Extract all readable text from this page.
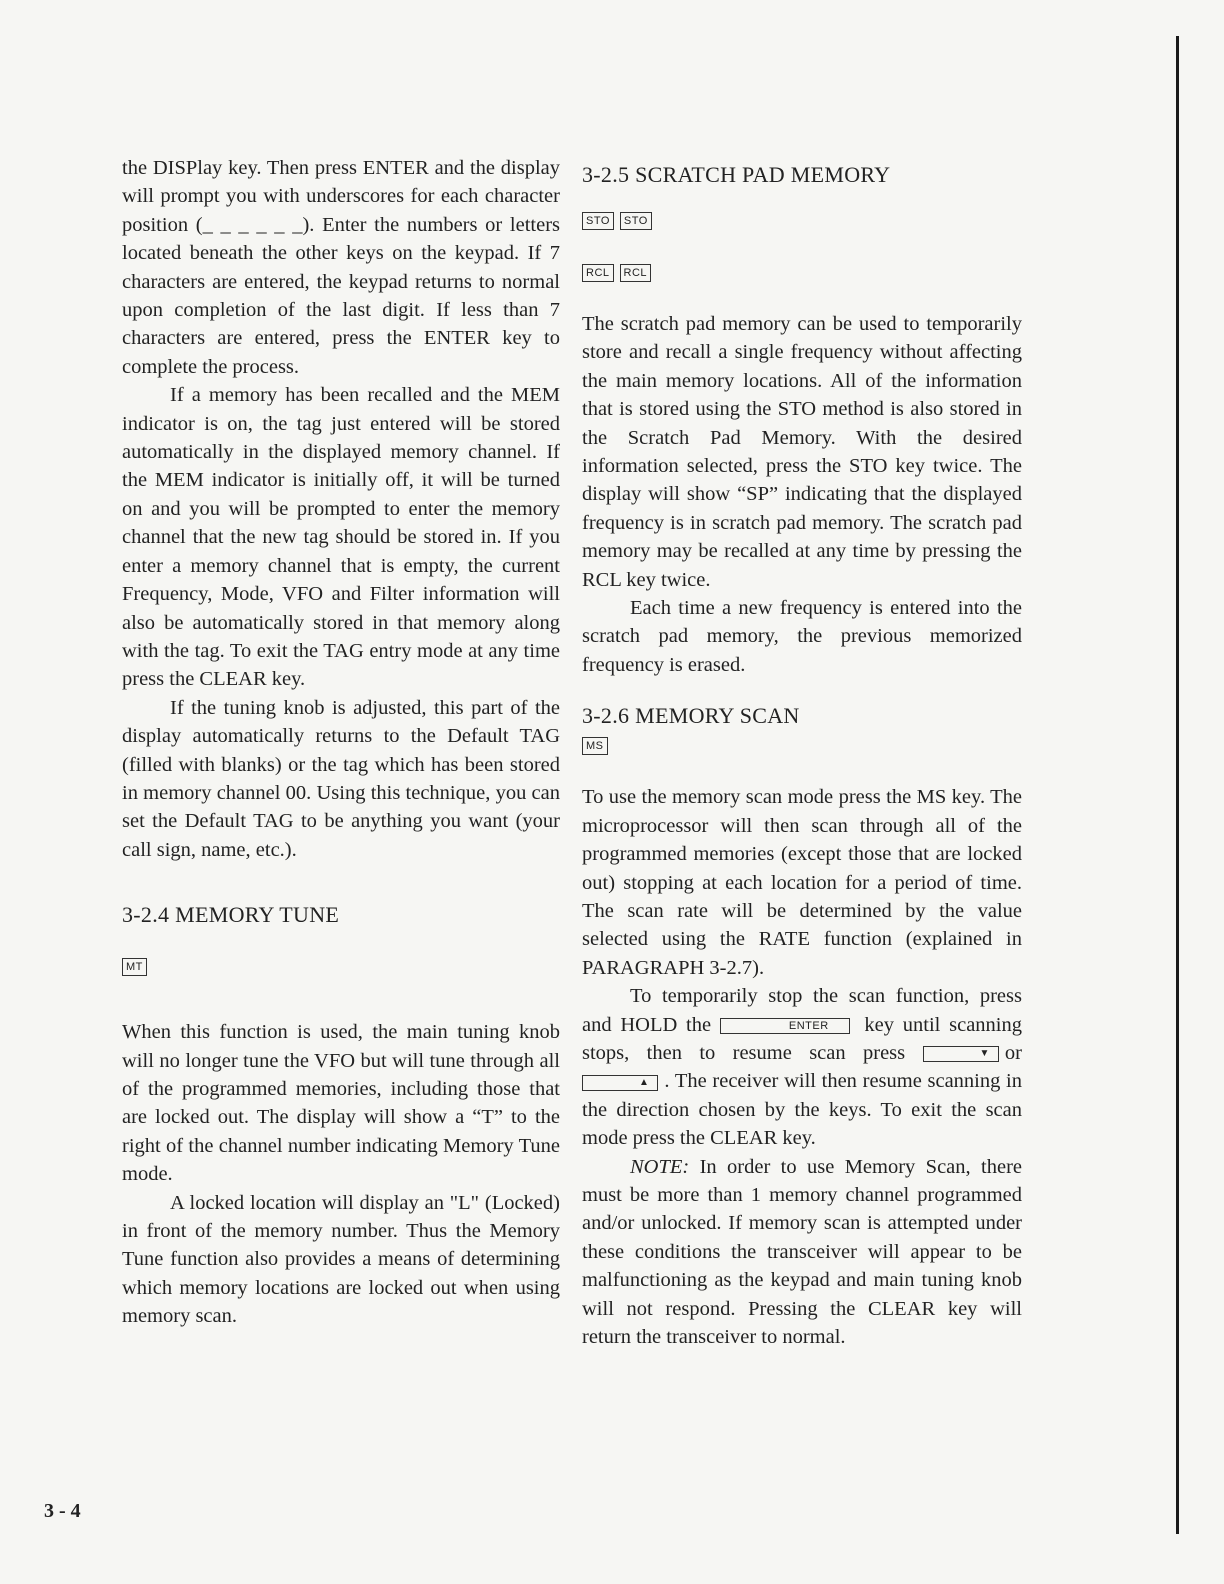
the DISPlay key. Then press ENTER and the display will prompt you with underscores for each character position (_ _ _ _ _ _). Enter the numbers or letters located beneath the other keys on the keypad. If 7 characters are entered, the keypad returns to normal upon completion of the last digit. If less than 7 characters are entered, press the ENTER key to complete the process.

If a memory has been recalled and the MEM indicator is on, the tag just entered will be stored automatically in the displayed memory channel. If the MEM indicator is initially off, it will be turned on and you will be prompted to enter the memory channel that the new tag should be stored in. If you enter a memory channel that is empty, the current Frequency, Mode, VFO and Filter information will also be automatically stored in that memory along with the tag. To exit the TAG entry mode at any time press the CLEAR key.

If the tuning knob is adjusted, this part of the display automatically returns to the Default TAG (filled with blanks) or the tag which has been stored in memory channel 00. Using this technique, you can set the Default TAG to be anything you want (your call sign, name, etc.).

3-2.4 MEMORY TUNE
MT

When this function is used, the main tuning knob will no longer tune the VFO but will tune through all of the programmed memories, including those that are locked out. The display will show a “T” to the right of the channel number indicating Memory Tune mode.

A locked location will display an "L" (Locked) in front of the memory number. Thus the Memory Tune function also provides a means of determining which memory locations are locked out when using memory scan.

3-2.5 SCRATCH PAD MEMORY
STO	STO
RCL	RCL

The scratch pad memory can be used to temporarily store and recall a single frequency without affecting the main memory locations. All of the information that is stored using the STO method is also stored in the Scratch Pad Memory. With the desired information selected, press the STO key twice. The display will show “SP” indicating that the displayed frequency is in scratch pad memory. The scratch pad memory may be recalled at any time by pressing the RCL key twice.

Each time a new frequency is entered into the scratch pad memory, the previous memorized frequency is erased.

3-2.6 MEMORY SCAN
MS

To use the memory scan mode press the MS key. The microprocessor will then scan through all of the programmed memories (except those that are locked out) stopping at each location for a period of time. The scan rate will be determined by the value selected using the RATE function (explained in PARAGRAPH 3-2.7).

To temporarily stop the scan function, press and HOLD the	ENTER key until scanning stops, then to resume scan press	▼ or ▲ . The receiver will then resume scanning in the direction chosen by the keys. To exit the scan mode press the CLEAR key.

NOTE: In order to use Memory Scan, there must be more than 1 memory channel programmed and/or unlocked. If memory scan is attempted under these conditions the transceiver will appear to be malfunctioning as the keypad and main tuning knob will not respond. Pressing the CLEAR key will return the transceiver to normal.

3 - 4
